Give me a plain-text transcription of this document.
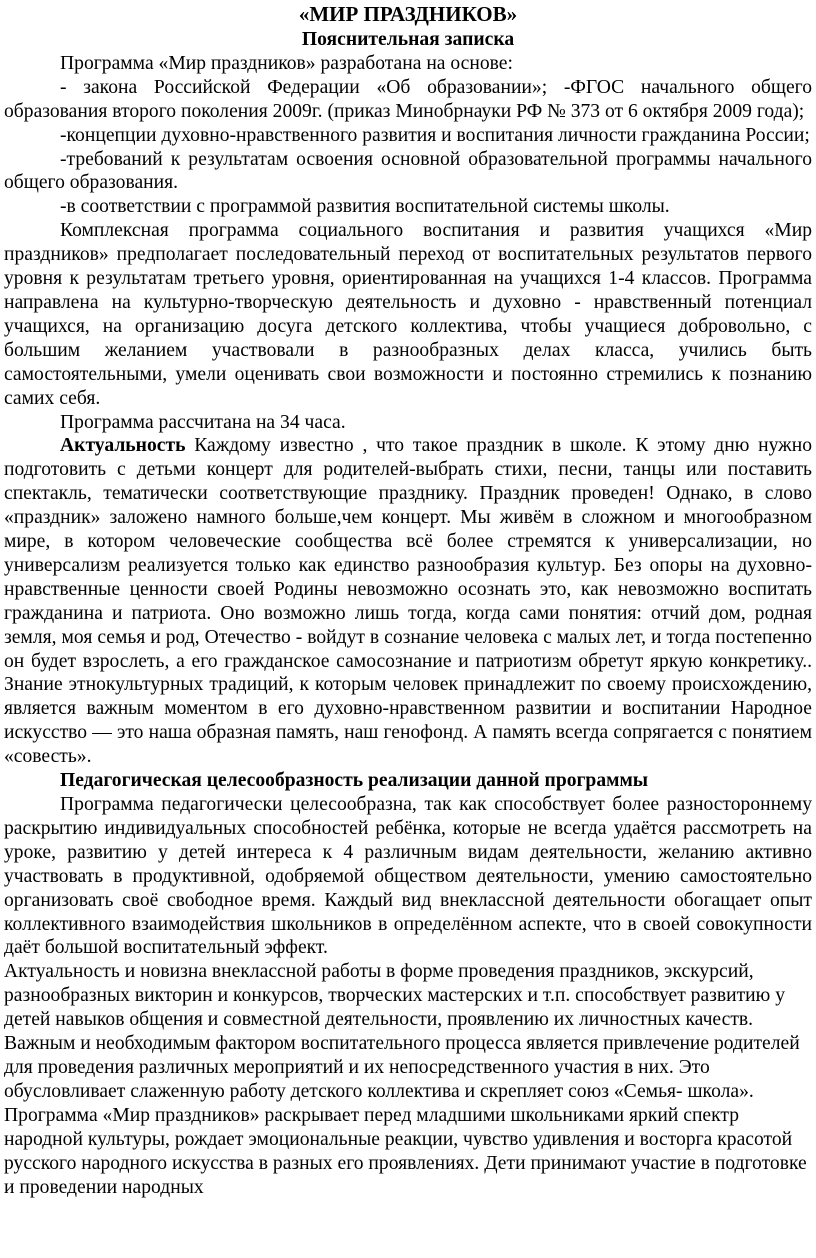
«МИР ПРАЗДНИКОВ»
Пояснительная записка

Программа «Мир праздников» разработана на основе:

- закона Российской Федерации «Об образовании»; -ФГОС начального общего образования второго поколения 2009г. (приказ Минобрнауки РФ № 373 от 6 октября 2009 года);

-концепции духовно-нравственного развития и воспитания личности гражданина России;

-требований к результатам освоения основной образовательной программы начального общего образования.

-в соответствии с программой развития воспитательной системы школы.

Комплексная программа социального воспитания и развития учащихся «Мир праздников» предполагает последовательный переход от воспитательных результатов первого уровня к результатам третьего уровня, ориентированная на учащихся 1-4 классов. Программа направлена на культурно-творческую деятельность и духовно - нравственный потенциал учащихся, на организацию досуга детского коллектива, чтобы учащиеся добровольно, с большим желанием участвовали в разнообразных делах класса, учились быть самостоятельными, умели оценивать свои возможности и постоянно стремились к познанию самих себя.

Программа рассчитана на 34 часа.

Актуальность Каждому известно , что такое праздник в школе. К этому дню нужно подготовить с детьми концерт для родителей-выбрать стихи, песни, танцы или поставить спектакль, тематически соответствующие празднику. Праздник проведен! Однако, в слово «праздник» заложено намного больше,чем концерт. Мы живём в сложном и многообразном мире, в котором человеческие сообщества всё более стремятся к универсализации, но универсализм реализуется только как единство разнообразия культур. Без опоры на духовно- нравственные ценности своей Родины невозможно осознать это, как невозможно воспитать гражданина и патриота. Оно возможно лишь тогда, когда сами понятия: отчий дом, родная земля, моя семья и род, Отечество - войдут в сознание человека с малых лет, и тогда постепенно он будет взрослеть, а его гражданское самосознание и патриотизм обретут яркую конкретику.. Знание этнокультурных традиций, к которым человек принадлежит по своему происхождению, является важным моментом в его духовно-нравственном развитии и воспитании Народное искусство — это наша образная память, наш генофонд. А память всегда сопрягается с понятием «совесть».

Педагогическая целесообразность реализации данной программы

Программа педагогически целесообразна, так как способствует более разностороннему раскрытию индивидуальных способностей ребёнка, которые не всегда удаётся рассмотреть на уроке, развитию у детей интереса к 4 различным видам деятельности, желанию активно участвовать в продуктивной, одобряемой обществом деятельности, умению самостоятельно организовать своё свободное время. Каждый вид внеклассной деятельности обогащает опыт коллективного взаимодействия школьников в определённом аспекте, что в своей совокупности даёт большой воспитательный эффект.

Актуальность и новизна внеклассной работы в форме проведения праздников, экскурсий, разнообразных викторин и конкурсов, творческих мастерских и т.п. способствует развитию у детей навыков общения и совместной деятельности, проявлению их личностных качеств. Важным и необходимым фактором воспитательного процесса является привлечение родителей для проведения различных мероприятий и их непосредственного участия в них. Это обусловливает слаженную работу детского коллектива и скрепляет союз «Семья- школа». Программа «Мир праздников» раскрывает перед младшими школьниками яркий спектр народной культуры, рождает эмоциональные реакции, чувство удивления и восторга красотой русского народного искусства в разных его проявлениях. Дети принимают участие в подготовке и проведении народных
